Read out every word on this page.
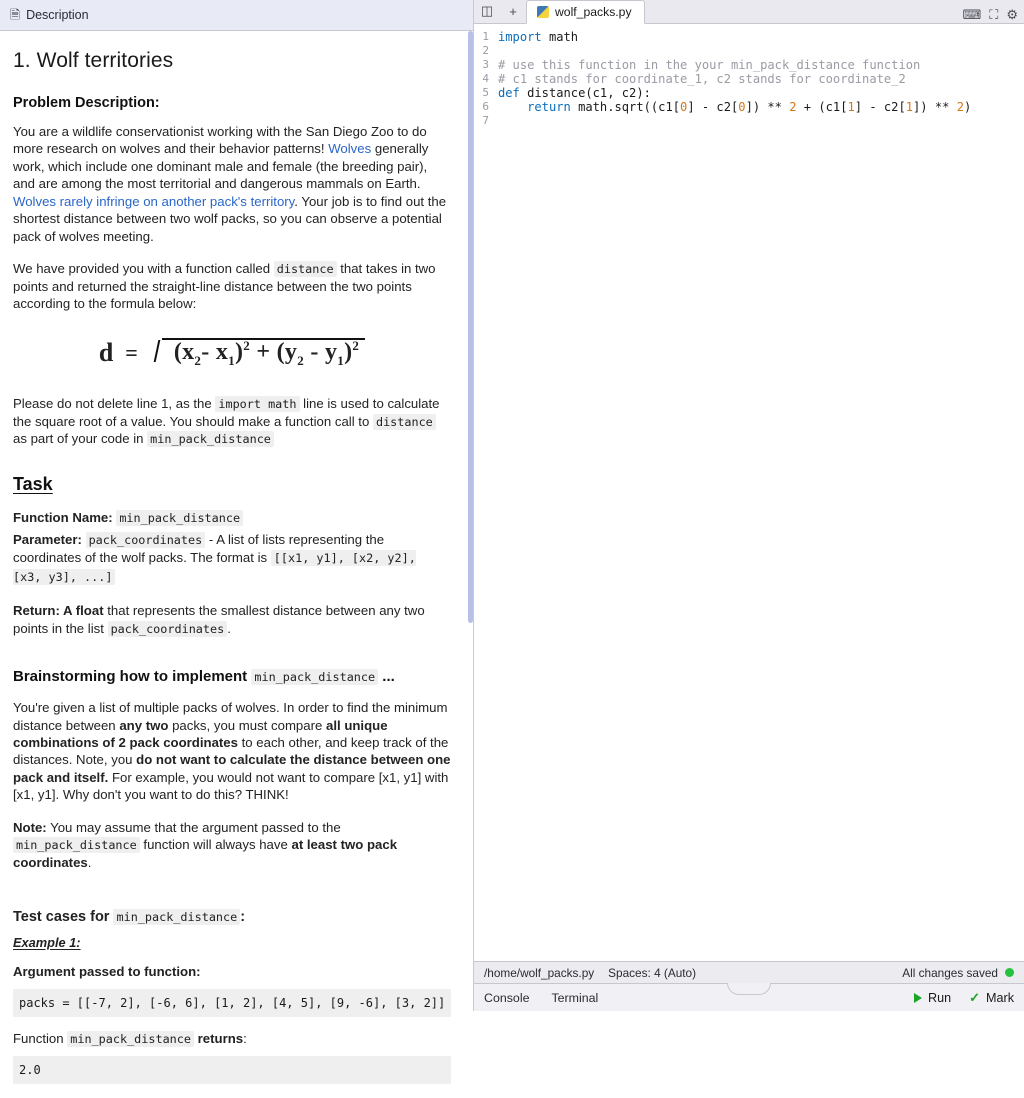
🗎 Description
1. Wolf territories
Problem Description:

You are a wildlife conservationist working with the San Diego Zoo to do more research on wolves and their behavior patterns! Wolves generally work, which include one dominant male and female (the breeding pair), and are among the most territorial and dangerous mammals on Earth. Wolves rarely infringe on another pack's territory. Your job is to find out the shortest distance between two wolf packs, so you can observe a potential pack of wolves meeting.

We have provided you with a function called distance that takes in two points and returned the straight-line distance between the two points according to the formula below:

d =	($x_2-$ $x_1)^2 + (y_2 - y_1)^2$

Please do not delete line 1, as the import math line is used to calculate the square root of a value. You should make a function call to distance as part of your code in min_pack_distance

Task

Function Name: min_pack_distance

Parameter: pack_coordinates - A list of lists representing the coordinates of the wolf packs. The format is [[x1, y1], [x2, y2], [x3, y3], ...]

Return: A float that represents the smallest distance between any two points in the list pack_coordinates .

Brainstorming how to implement min_pack_distance ...

You're given a list of multiple packs of wolves. In order to find the minimum distance between any two packs, you must compare all unique combinations of 2 pack coordinates to each other, and keep track of the distances. Note, you do not want to calculate the distance between one pack and itself. For example, you would not want to compare [x1, y1] with [x1, y1]. Why don't you want to do this? THINK!

Note: You may assume that the argument passed to the min_pack_distance function will always have at least two pack coordinates.

Test cases for min_pack_distance :

Example 1:

Argument passed to function:

packs = [[-7, 2], [-6, 6], [1, 2], [4, 5], [9, -6], [3, 2]]

Function min_pack_distance returns:

2.0
◫	+	wolf_packs.py	⌨ ⛶ ⚙
1 import math
2
3 # use this function in the your min_pack_distance function
4 # c1 stands for coordinate_1, c2 stands for coordinate_2
5 def distance(c1, c2):
6	return math.sqrt((c1[0] - c2[0]) ** 2 + (c1[1] - c2[1]) ** 2)
7
/home/wolf_packs.py Spaces: 4 (Auto)	All changes saved
Console Terminal	Run ✓ Mark
